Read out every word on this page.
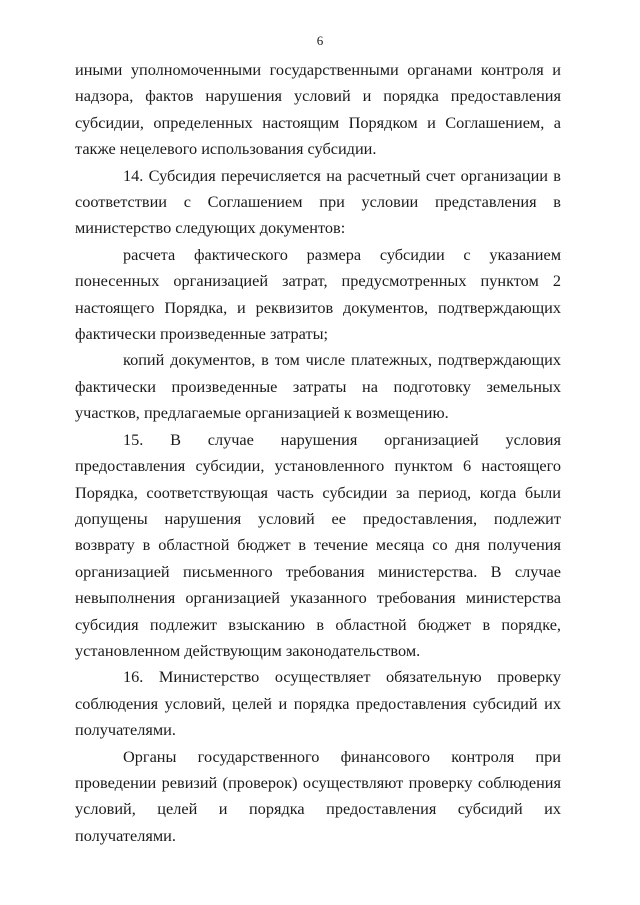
6

иными уполномоченными государственными органами контроля и надзора, фактов нарушения условий и порядка предоставления субсидии, определенных настоящим Порядком и Соглашением, а также нецелевого использования субсидии.

14. Субсидия перечисляется на расчетный счет организации в соответствии с Соглашением при условии представления в министерство следующих документов:

расчета фактического размера субсидии с указанием понесенных организацией затрат, предусмотренных пунктом 2 настоящего Порядка, и реквизитов документов, подтверждающих фактически произведенные затраты;

копий документов, в том числе платежных, подтверждающих фактически произведенные затраты на подготовку земельных участков, предлагаемые организацией к возмещению.

15. В случае нарушения организацией условия предоставления субсидии, установленного пунктом 6 настоящего Порядка, соответствующая часть субсидии за период, когда были допущены нарушения условий ее предоставления, подлежит возврату в областной бюджет в течение месяца со дня получения организацией письменного требования министерства. В случае невыполнения организацией указанного требования министерства субсидия подлежит взысканию в областной бюджет в порядке, установленном действующим законодательством.

16. Министерство осуществляет обязательную проверку соблюдения условий, целей и порядка предоставления субсидий их получателями.

Органы государственного финансового контроля при проведении ревизий (проверок) осуществляют проверку соблюдения условий, целей и порядка предоставления субсидий их получателями.
